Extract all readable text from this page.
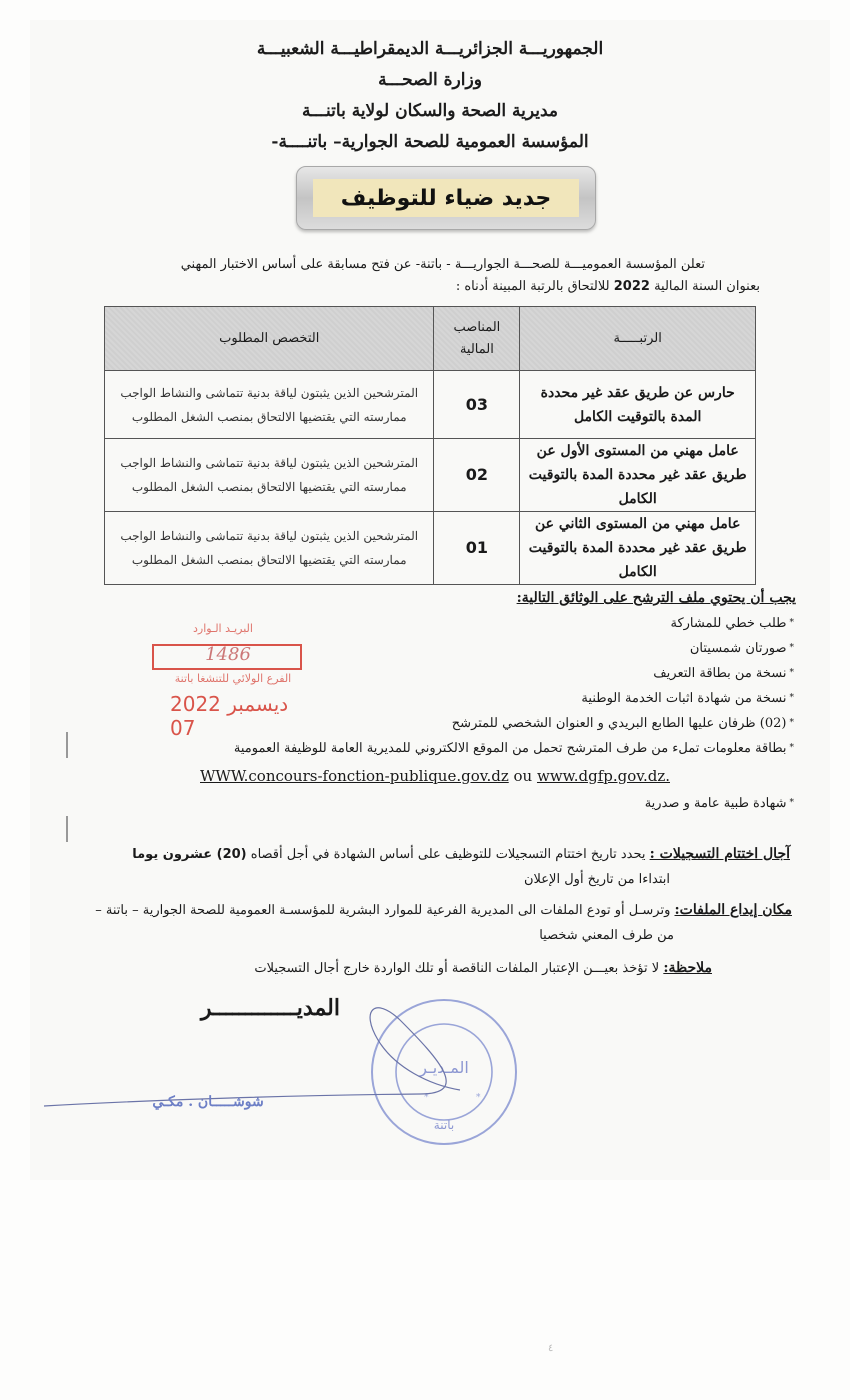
الجمهوريـــة الجزائريـــة الديمقراطيـــة الشعبيـــة
وزارة الصحـــة
مديرية الصحة والسكان لولاية باتنـــة
المؤسسة العمومية للصحة الجوارية– باتنــــة-
جديد ضياء للتوظيف
تعلن المؤسسة العموميـــة للصحـــة الجواريـــة - باتنة- عن فتح مسابقة على أساس الاختبار المهني
بعنوان السنة المالية 2022 للالتحاق بالرتبة المبينة أدناه :
الرتبـــــة	المناصب المالية	التخصص المطلوب
حارس عن طريق عقد غير محددة المدة بالتوقيت الكامل	03	المترشحين الذين يثبتون لياقة بدنية تتماشى والنشاط الواجب ممارسته التي يقتضيها الالتحاق بمنصب الشغل المطلوب
عامل مهني من المستوى الأول عن طريق عقد غير محددة المدة بالتوقيت الكامل	02	المترشحين الذين يثبتون لياقة بدنية تتماشى والنشاط الواجب ممارسته التي يقتضيها الالتحاق بمنصب الشغل المطلوب
عامل مهني من المستوى الثاني عن طريق عقد غير محددة المدة بالتوقيت الكامل	01	المترشحين الذين يثبتون لياقة بدنية تتماشى والنشاط الواجب ممارسته التي يقتضيها الالتحاق بمنصب الشغل المطلوب
يجب أن يحتوي ملف الترشح على الوثائق التالية:
*طلب خطي للمشاركة
*صورتان شمسيتان
*نسخة من بطاقة التعريف
*نسخة من شهادة اثبات الخدمة الوطنية
*(02) ظرفان عليها الطابع البريدي و العنوان الشخصي للمترشح
*بطاقة معلومات تملء من طرف المترشح تحمل من الموقع الالكتروني للمديرية العامة للوظيفة العمومية
WWW.concours-fonction-publique.gov.dz ou www.dgfp.gov.dz.
*شهادة طبية عامة و صدرية
آجال اختتام التسجيلات : يحدد تاريخ اختتام التسجيلات للتوظيف على أساس الشهادة في أجل أقصاه (20) عشرون يوما
ابتداءا من تاريخ أول الإعلان
مكان إيداع الملفات: وترسـل أو تودع الملفات الى المديرية الفرعية للموارد البشرية للمؤسسـة العمومية للصحة الجوارية – باتنة –
من طرف المعني شخصيا
ملاحظة: لا تؤخذ بعيـــن الإعتبار الملفات الناقصة أو تلك الواردة خارج أجال التسجيلات
المديـــــــــــــر
البريـد الـوارد
1486
الفرع الولائي للتنشغا باتنة
2022 ديسمبر 07
*	*
المـديـر
باتنة
شوشـــــان . مكـي
٤
